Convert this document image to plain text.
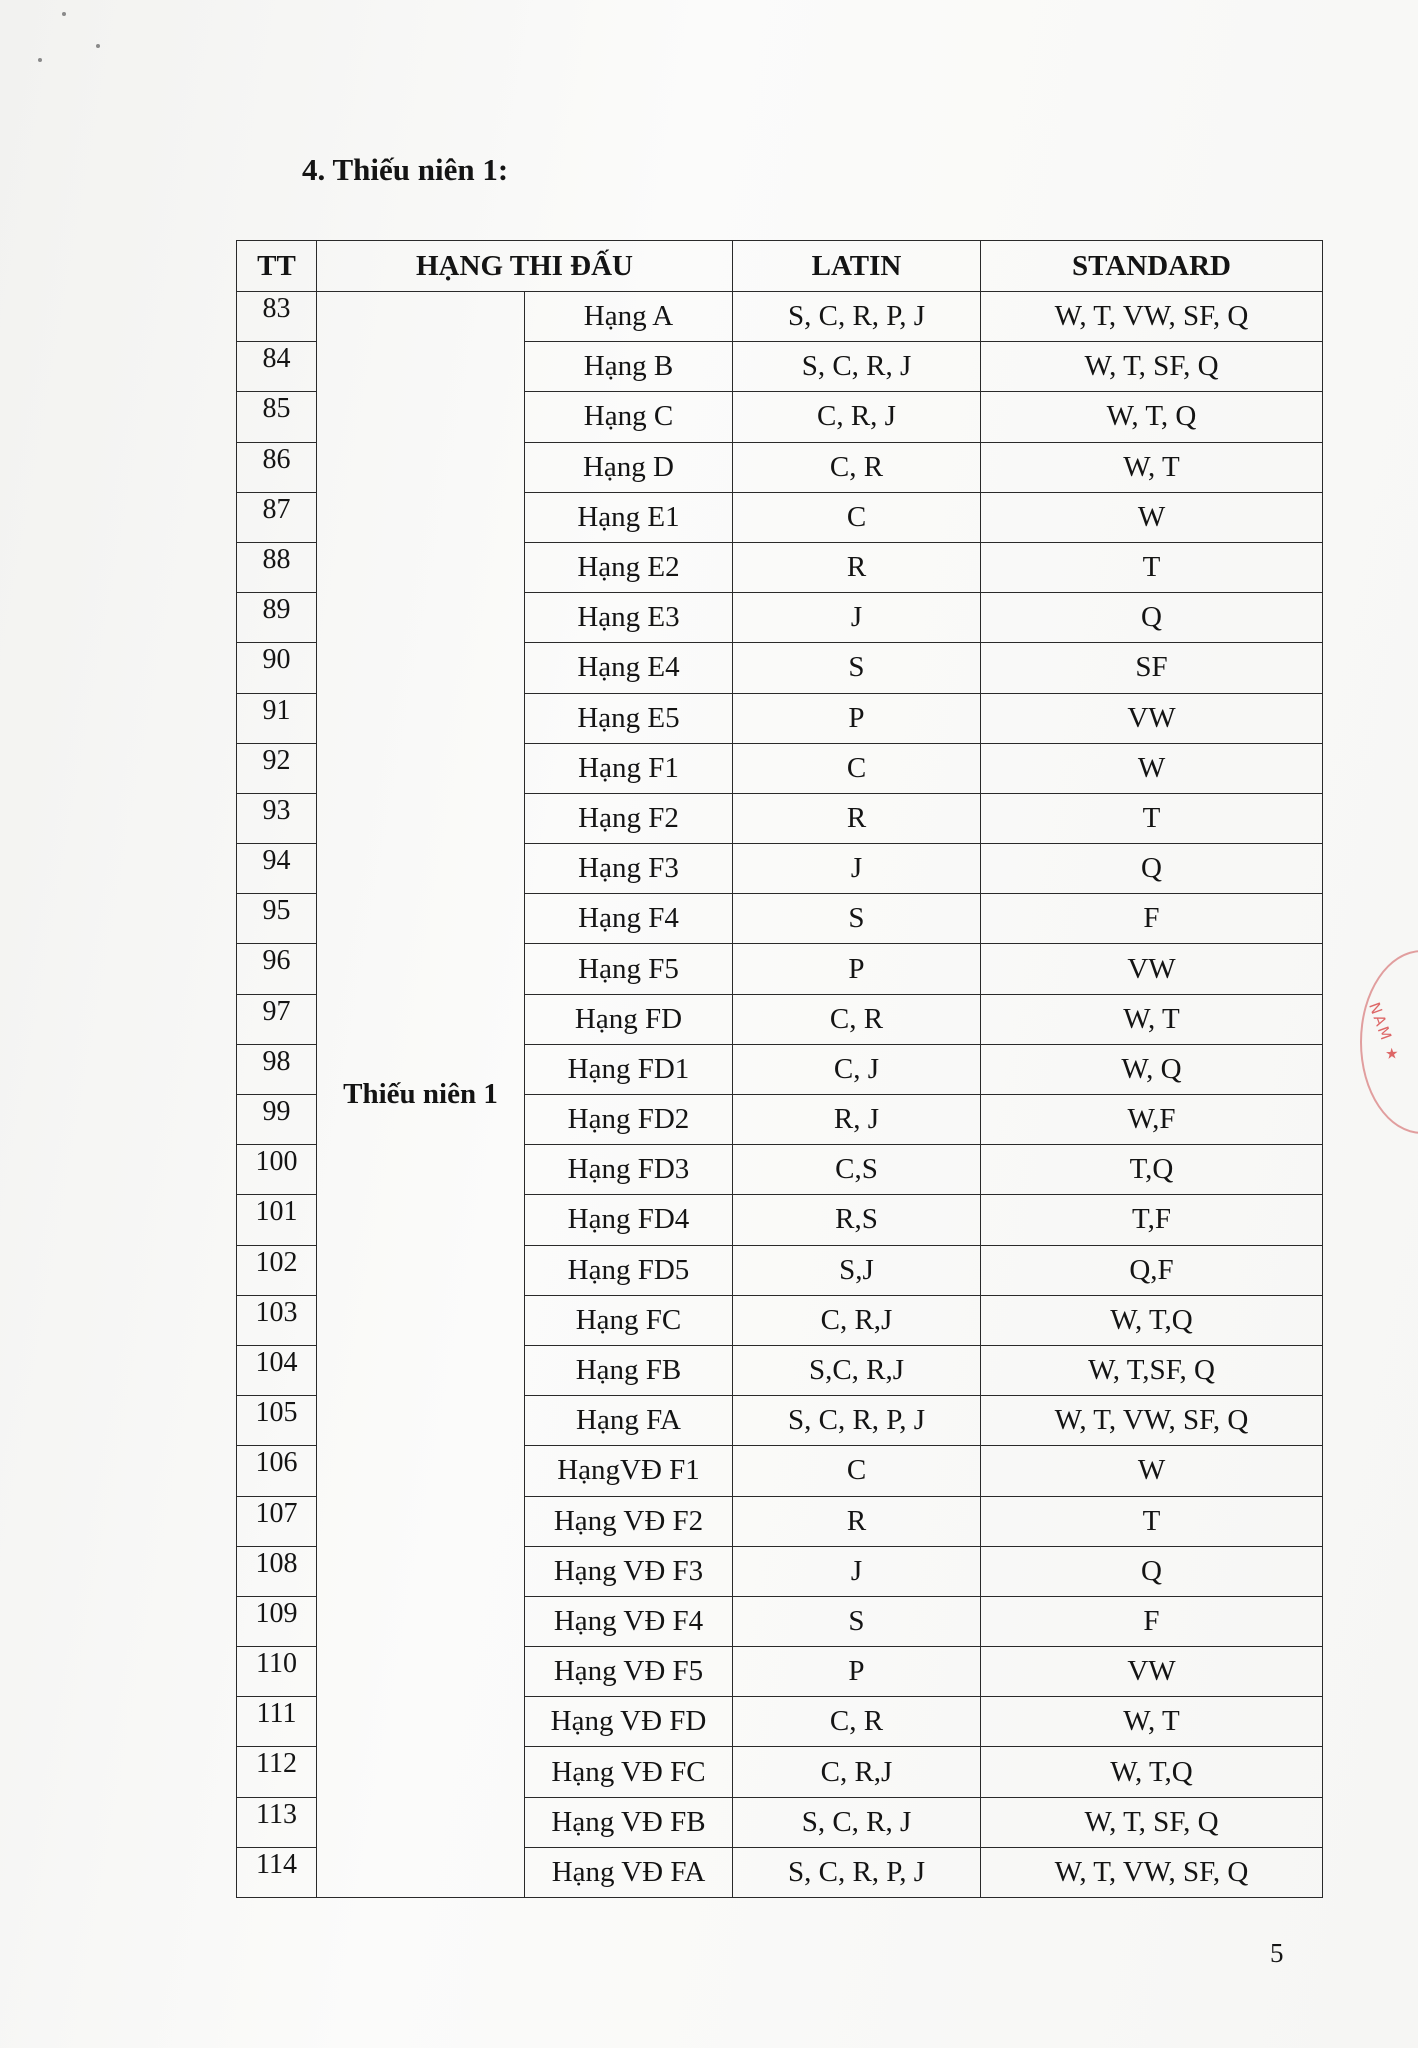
4. Thiếu niên 1:
TT	HẠNG THI ĐẤU		LATIN	STANDARD
83	Thiếu niên 1	Hạng A	S, C, R, P, J	W, T, VW, SF, Q
84		Hạng B	S, C, R, J	W, T, SF, Q
85		Hạng C	C, R, J	W, T, Q
86		Hạng D	C, R	W, T
87		Hạng E1	C	W
88		Hạng E2	R	T
89		Hạng E3	J	Q
90		Hạng E4	S	SF
91		Hạng E5	P	VW
92		Hạng F1	C	W
93		Hạng F2	R	T
94		Hạng F3	J	Q
95		Hạng F4	S	F
96		Hạng F5	P	VW
97		Hạng FD	C, R	W, T
98		Hạng FD1	C, J	W, Q
99		Hạng FD2	R, J	W,F
100		Hạng FD3	C,S	T,Q
101		Hạng FD4	R,S	T,F
102		Hạng FD5	S,J	Q,F
103		Hạng FC	C, R,J	W, T,Q
104		Hạng FB	S,C, R,J	W, T,SF, Q
105		Hạng FA	S, C, R, P, J	W, T, VW, SF, Q
106		HạngVĐ F1	C	W
107		Hạng VĐ F2	R	T
108		Hạng VĐ F3	J	Q
109		Hạng VĐ F4	S	F
110		Hạng VĐ F5	P	VW
111		Hạng VĐ FD	C, R	W, T
112		Hạng VĐ FC	C, R,J	W, T,Q
113		Hạng VĐ FB	S, C, R, J	W, T, SF, Q
114		Hạng VĐ FA	S, C, R, P, J	W, T, VW, SF, Q
NAM ★
5
